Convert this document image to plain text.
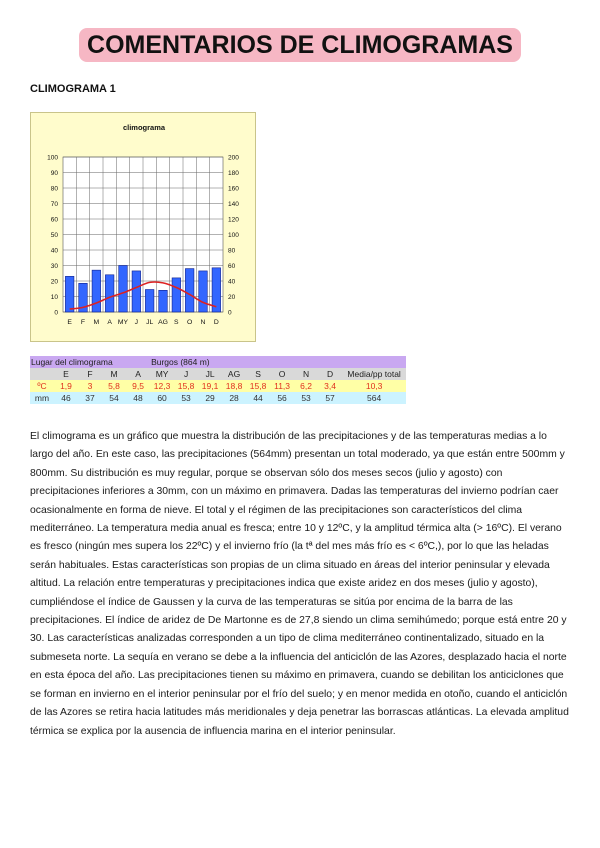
COMENTARIOS DE CLIMOGRAMAS
CLIMOGRAMA 1
climograma
0
10
20
30
40
50
60
70
80
90
100
0
20
40
60
80
100
120
140
160
180
200
E F M A MY J JL AG S O N D
Lugar del climograma					Burgos (864 m)								
	E	F	M	A	MY	J	JL	AG	S	O	N	D	Media/pp total
ºC	1,9	3	5,8	9,5	12,3	15,8	19,1	18,8	15,8	11,3	6,2	3,4	10,3
mm	46	37	54	48	60	53	29	28	44	56	53	57	564
El climograma es un gráfico que muestra la distribución de las precipitaciones y de las temperaturas medias a lo largo del año. En este caso, las precipitaciones (564mm) presentan un total moderado, ya que están entre 500mm y 800mm. Su distribución es muy regular, porque se observan sólo dos meses secos (julio y agosto) con precipitaciones inferiores a 30mm, con un máximo en primavera. Dadas las temperaturas del invierno podrían caer ocasionalmente en forma de nieve. El total y el régimen de las precipitaciones son característicos del clima mediterráneo. La temperatura media anual es fresca; entre 10 y 12ºC, y la amplitud térmica alta (> 16ºC). El verano es fresco (ningún mes supera los 22ºC) y el invierno frío (la tª del mes más frío es < 6ºC,), por lo que las heladas serán habituales. Estas características son propias de un clima situado en áreas del interior peninsular y elevada altitud. La relación entre temperaturas y precipitaciones indica que existe aridez en dos meses (julio y agosto), cumpliéndose el índice de Gaussen y la curva de las temperaturas se sitúa por encima de la barra de las precipitaciones. El índice de aridez de De Martonne es de 27,8 siendo un clima semihúmedo; porque está entre 20 y 30. Las características analizadas corresponden a un tipo de clima mediterráneo continentalizado, situado en la submeseta norte. La sequía en verano se debe a la influencia del anticiclón de las Azores, desplazado hacia el norte en esta época del año. Las precipitaciones tienen su máximo en primavera, cuando se debilitan los anticiclones que se forman en invierno en el interior peninsular por el frío del suelo; y en menor medida en otoño, cuando el anticiclón de las Azores se retira hacia latitudes más meridionales y deja penetrar las borrascas atlánticas. La elevada amplitud térmica se explica por la ausencia de influencia marina en el interior peninsular.
